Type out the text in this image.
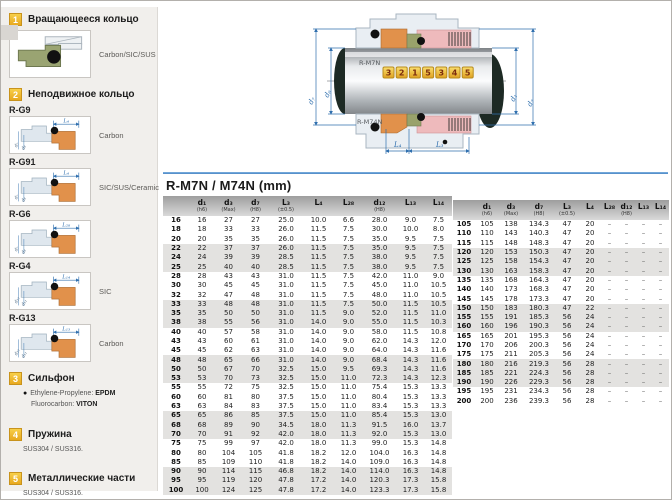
1	Вращающееся кольцо
Carbon/SIC/SUS
2	Неподвижное кольцо
R-G9
L₄
d₇ d₈
Carbon
R-G91
L₄
d₇ d₈
SIC/SUS/Ceramic
R-G6
L₂₈
d₇ d₈
R-G4
L₁₄
d₁₃ d₁₁
SIC
R-G13
L₁₃
d₁₂ d₁₁
Carbon
3	Сильфон
● Ethylene-Propylene: EPDM
Fluorocarbon: VITON
4	Пружина
SUS304 / SUS316.
5	Металлические части
SUS304 / SUS316.
R-M7N
R-M74N
3 2 1 5 3 4 5
d₇
d₈	d₁ d₇
L₄	L₃
R-M7N / M74N (mm)
	d₁
(h6)	d₃
(Max)	d₇
(H8)	L₃
(±0.5)	L₄	L₂₈	d₁₂
(H8)	L₁₃	L₁₄

16	16	27	27	25.0	10.0	6.6	28.0	9.0	7.5
18	18	33	33	26.0	11.5	7.5	30.0	10.0	8.0
20	20	35	35	26.0	11.5	7.5	35.0	9.5	7.5
22	22	37	37	26.0	11.5	7.5	35.0	9.5	7.5
24	24	39	39	28.5	11.5	7.5	38.0	9.5	7.5
25	25	40	40	28.5	11.5	7.5	38.0	9.5	7.5
28	28	43	43	31.0	11.5	7.5	42.0	11.0	9.0
30	30	45	45	31.0	11.5	7.5	45.0	11.0	10.5
32	32	47	48	31.0	11.5	7.5	48.0	11.0	10.5
33	33	48	48	31.0	11.5	7.5	50.0	11.5	10.5
35	35	50	50	31.0	11.5	9.0	52.0	11.5	11.0
38	38	55	56	31.0	14.0	9.0	55.0	11.5	10.3
40	40	57	58	31.0	14.0	9.0	58.0	11.5	10.8
43	43	60	61	31.0	14.0	9.0	62.0	14.3	12.0
45	45	62	63	31.0	14.0	9.0	64.0	14.3	11.6
48	48	65	66	31.0	14.0	9.0	68.4	14.3	11.6
50	50	67	70	32.5	15.0	9.5	69.3	14.3	11.6
53	53	70	73	32.5	15.0	11.0	72.3	14.3	12.3
55	55	72	75	32.5	15.0	11.0	75.4	15.3	13.3
60	60	81	80	37.5	15.0	11.0	80.4	15.3	13.3
63	63	84	83	37.5	15.0	11.0	83.4	15.3	13.3
65	65	86	85	37.5	15.0	11.0	85.4	15.3	13.0
68	68	89	90	34.5	18.0	11.3	91.5	16.0	13.7
70	70	91	92	42.0	18.0	11.3	92.0	15.3	13.0
75	75	99	97	42.0	18.0	11.3	99.0	15.3	14.8
80	80	104	105	41.8	18.2	12.0	104.0	16.3	14.8
85	85	109	110	41.8	18.2	14.0	109.0	16.3	14.8
90	90	114	115	46.8	18.2	14.0	114.0	16.3	14.8
95	95	119	120	47.8	17.2	14.0	120.3	17.3	15.8
100	100	124	125	47.8	17.2	14.0	123.3	17.3	15.8
	d₁
(h6)	d₃
(Max)	d₇
(H8)	L₃
(±0.5)	L₄	L₂₈	d₁₂
(H8)	L₁₃	L₁₄

105	105	138	134.3	47	20	–	–	–	–
110	110	143	140.3	47	20	–	–	–	–
115	115	148	148.3	47	20	–	–	–	–
120	120	153	150.3	47	20	–	–	–	–
125	125	158	154.3	47	20	–	–	–	–
130	130	163	158.3	47	20	–	–	–	–
135	135	168	164.3	47	20	–	–	–	–
140	140	173	168.3	47	20	–	–	–	–
145	145	178	173.3	47	20	–	–	–	–
150	150	183	180.3	47	22	–	–	–	–
155	155	191	185.3	56	24	–	–	–	–
160	160	196	190.3	56	24	–	–	–	–
165	165	201	195.3	56	24	–	–	–	–
170	170	206	200.3	56	24	–	–	–	–
175	175	211	205.3	56	24	–	–	–	–
180	180	216	219.3	56	28	–	–	–	–
185	185	221	224.3	56	28	–	–	–	–
190	190	226	229.3	56	28	–	–	–	–
195	195	231	234.3	56	28	–	–	–	–
200	200	236	239.3	56	28	–	–	–	–
